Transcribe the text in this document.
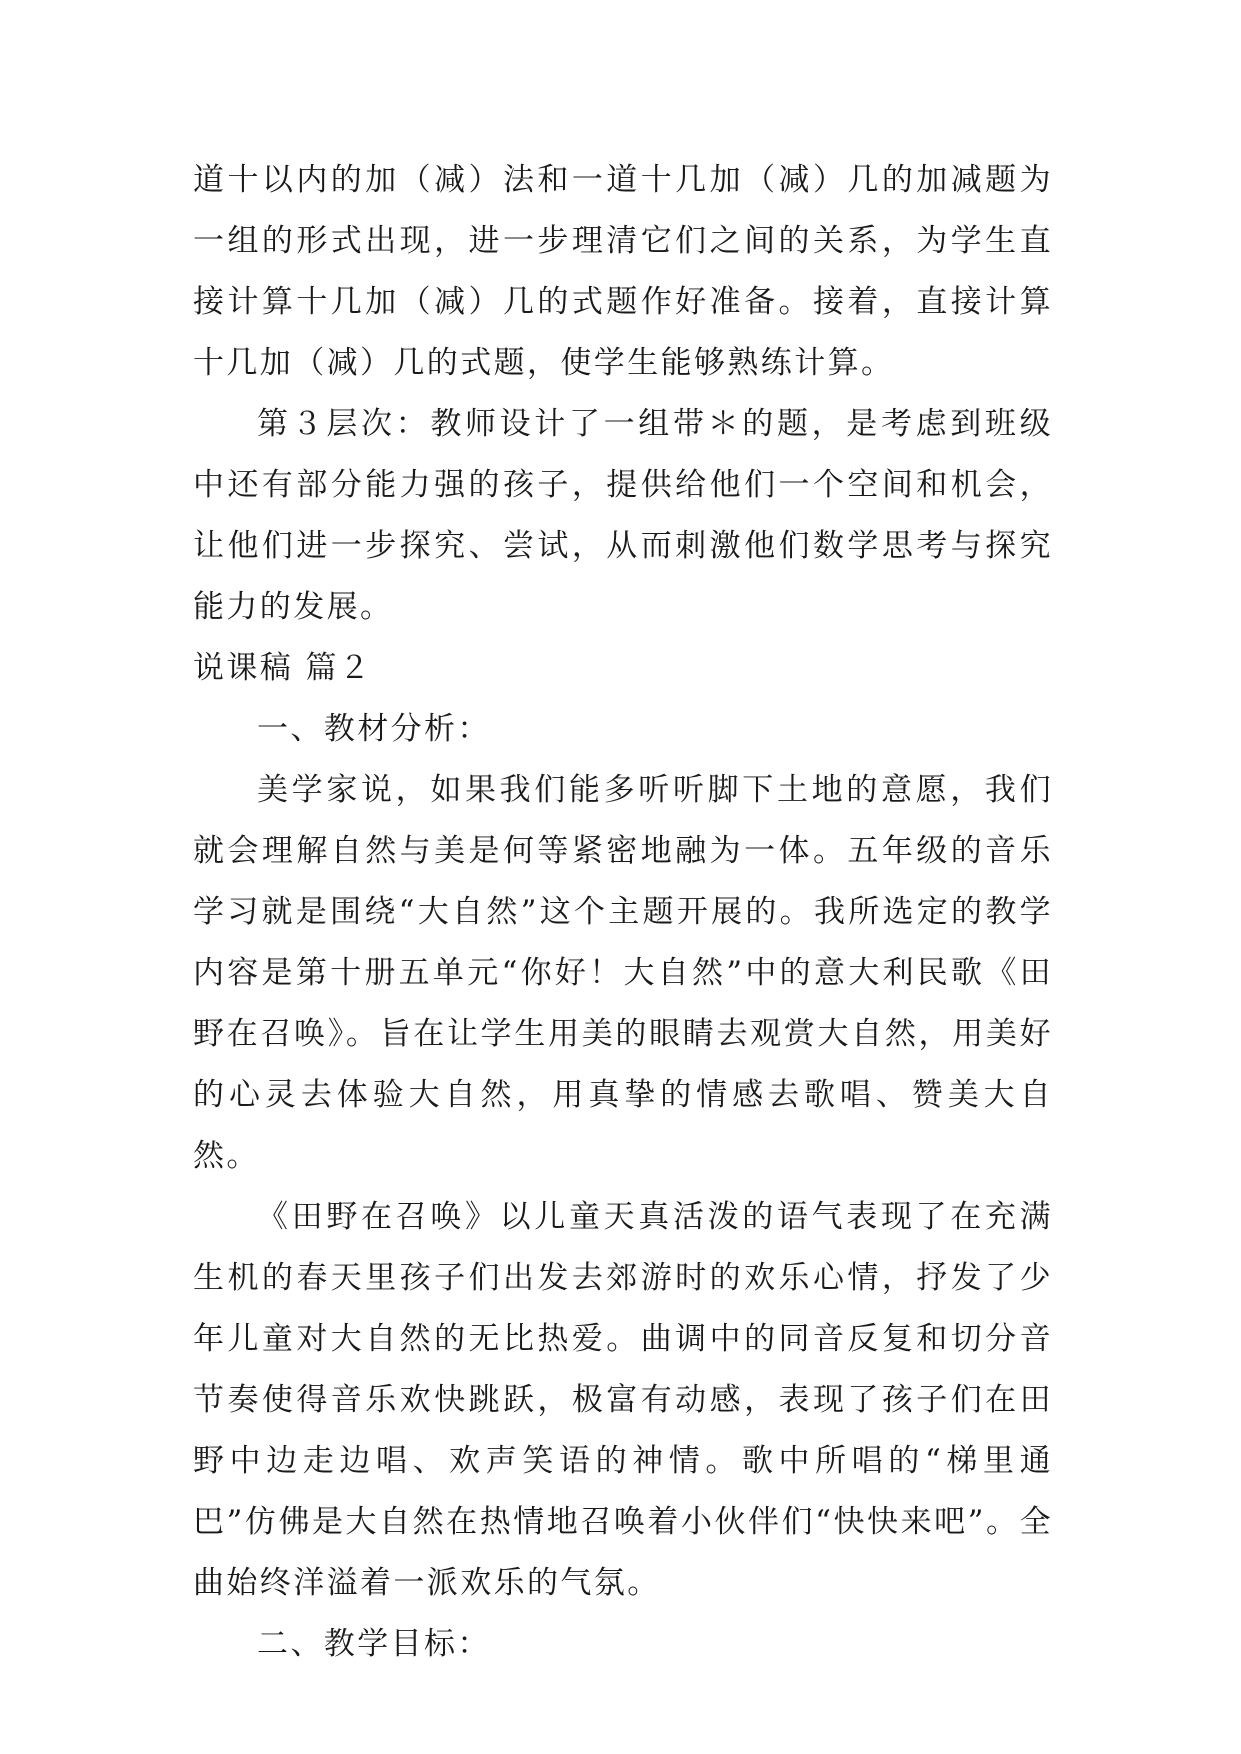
道十以内的加（减）法和一道十几加（减）几的加减题为一组的形式出现，进一步理清它们之间的关系，为学生直接计算十几加（减）几的式题作好准备。接着，直接计算十几加（减）几的式题，使学生能够熟练计算。

第３层次：教师设计了一组带＊的题，是考虑到班级中还有部分能力强的孩子，提供给他们一个空间和机会，让他们进一步探究、尝试，从而刺激他们数学思考与探究能力的发展。

说课稿 篇２

一、教材分析：

美学家说，如果我们能多听听脚下土地的意愿，我们就会理解自然与美是何等紧密地融为一体。五年级的音乐学习就是围绕“大自然”这个主题开展的。我所选定的教学内容是第十册五单元“你好！大自然”中的意大利民歌《田野在召唤》。旨在让学生用美的眼睛去观赏大自然，用美好的心灵去体验大自然，用真挚的情感去歌唱、赞美大自然。

《田野在召唤》以儿童天真活泼的语气表现了在充满生机的春天里孩子们出发去郊游时的欢乐心情，抒发了少年儿童对大自然的无比热爱。曲调中的同音反复和切分音节奏使得音乐欢快跳跃，极富有动感，表现了孩子们在田野中边走边唱、欢声笑语的神情。歌中所唱的“梯里通巴”仿佛是大自然在热情地召唤着小伙伴们“快快来吧”。全曲始终洋溢着一派欢乐的气氛。

二、教学目标：
